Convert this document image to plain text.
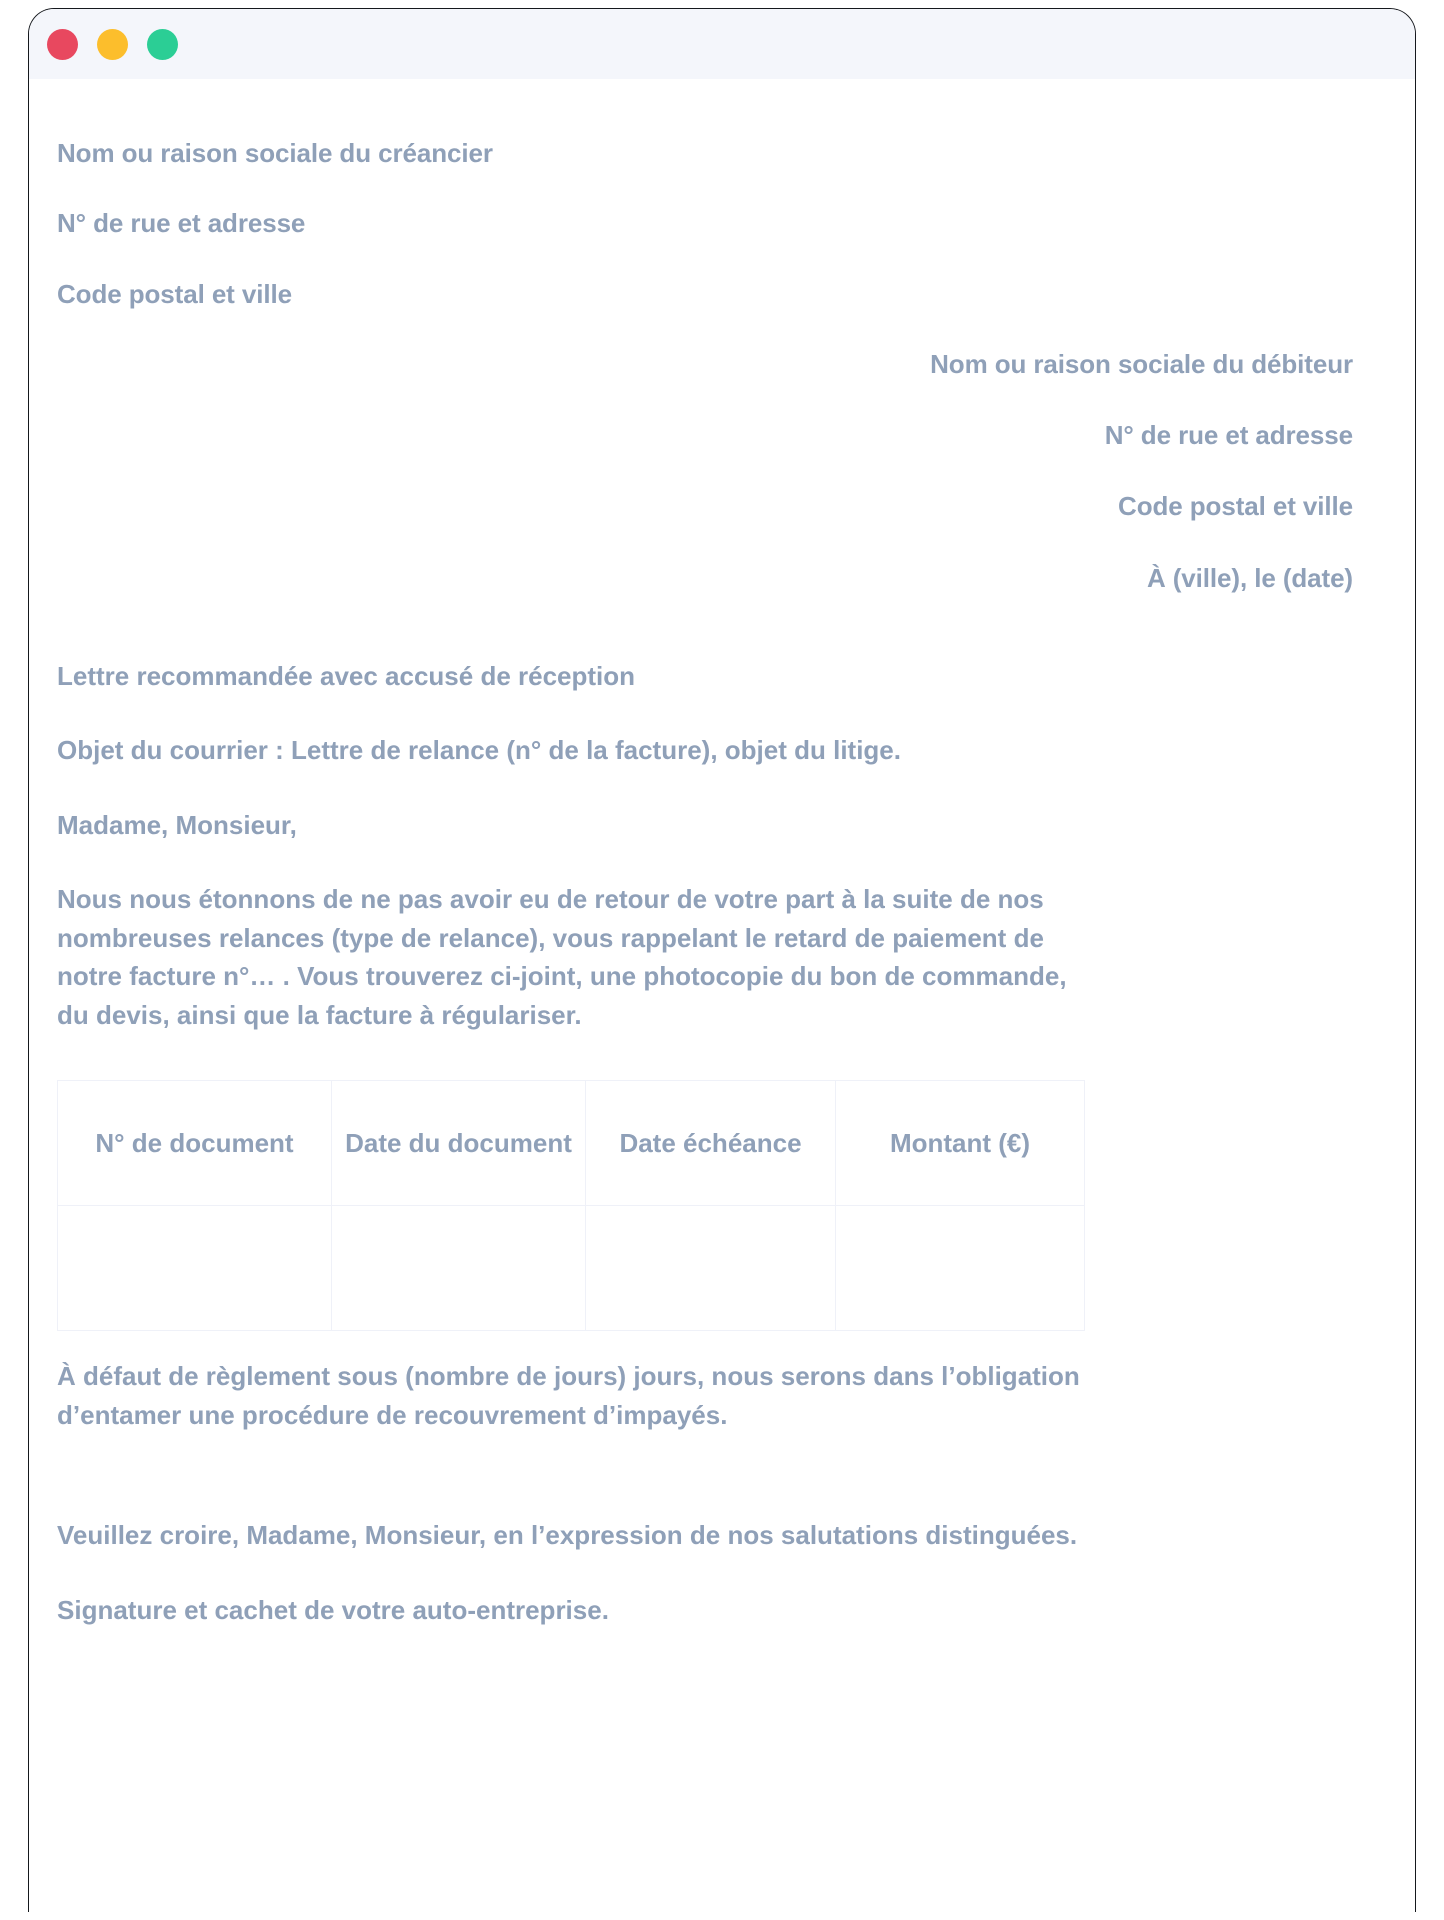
Nom ou raison sociale du créancier

N° de rue et adresse

Code postal et ville

Nom ou raison sociale du débiteur

N° de rue et adresse

Code postal et ville

À (ville), le (date)

Lettre recommandée avec accusé de réception

Objet du courrier : Lettre de relance (n° de la facture), objet du litige.

Madame, Monsieur,

Nous nous étonnons de ne pas avoir eu de retour de votre part à la suite de nos nombreuses relances (type de relance), vous rappelant le retard de paiement de notre facture n°… . Vous trouverez ci-joint, une photocopie du bon de commande, du devis, ainsi que la facture à régulariser.

N° de document	Date du document	Date échéance	Montant (€)

À défaut de règlement sous (nombre de jours) jours, nous serons dans l’obligation d’entamer une procédure de recouvrement d’impayés.

Veuillez croire, Madame, Monsieur, en l’expression de nos salutations distinguées.

Signature et cachet de votre auto-entreprise.
